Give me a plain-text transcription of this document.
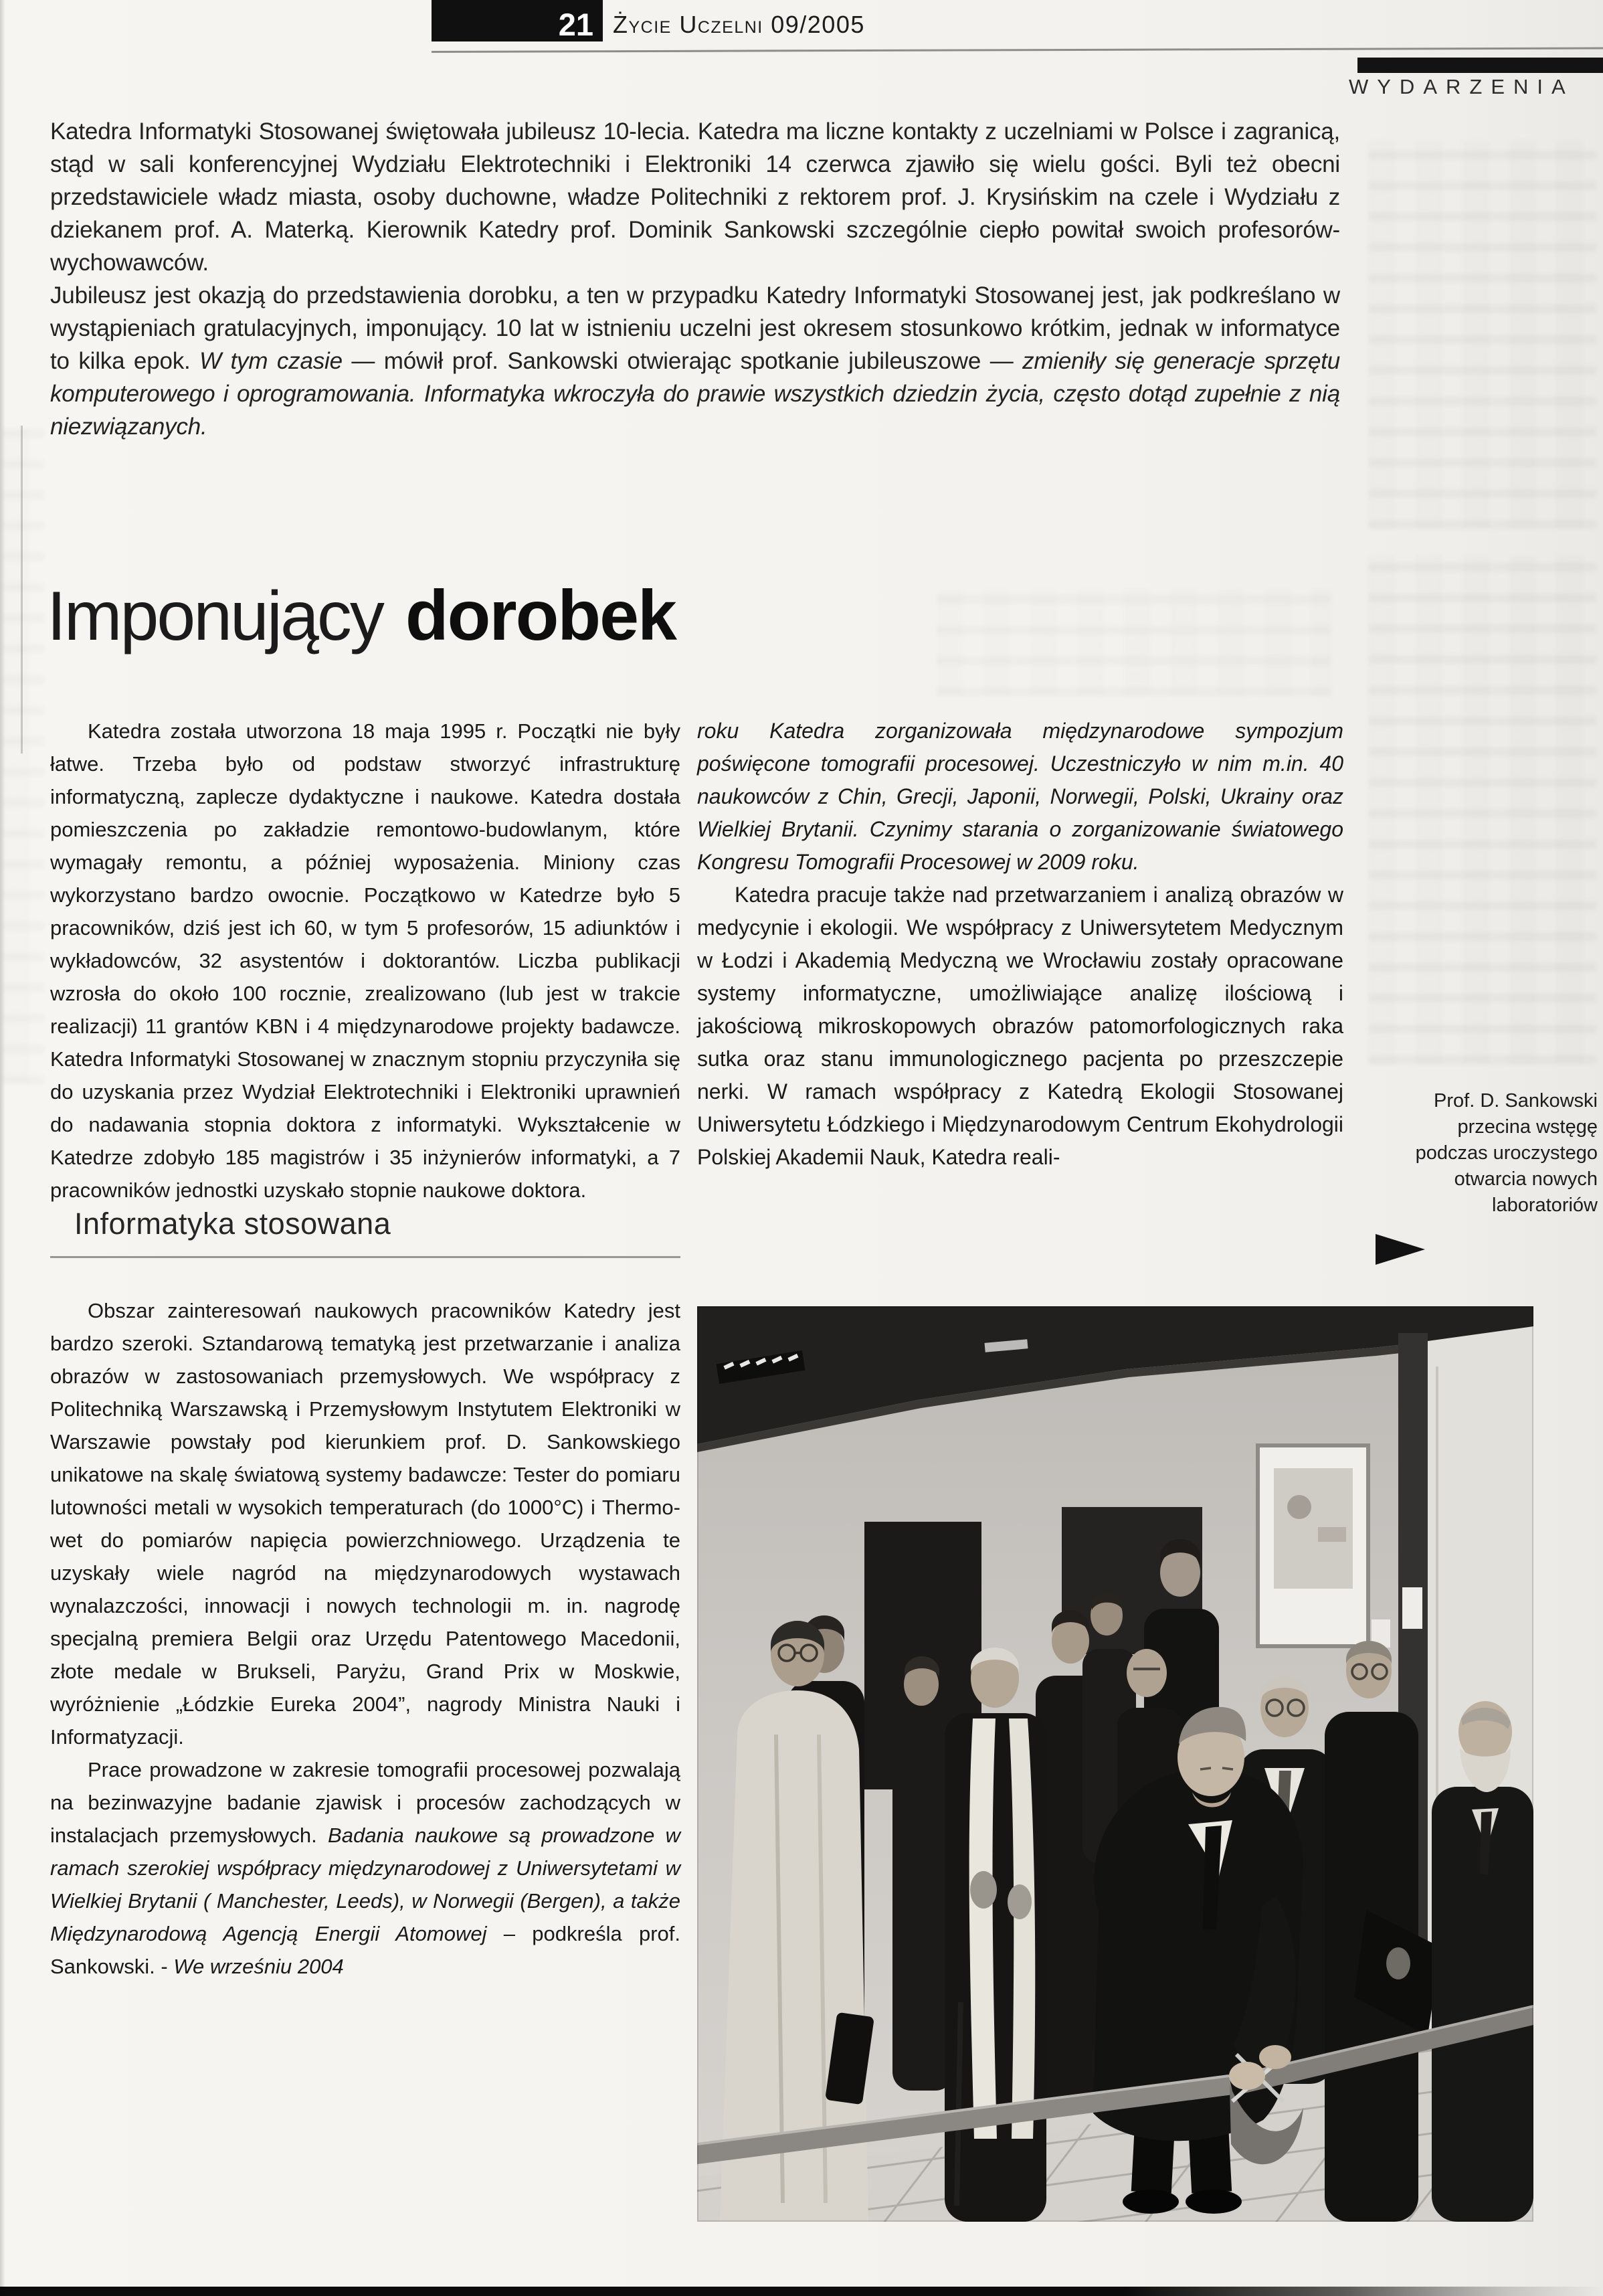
21 Życie Uczelni 09/2005
WYDARZENIA

Katedra Informatyki Stosowanej świętowała jubileusz 10-lecia. Katedra ma liczne kontakty z uczelniami w Polsce i zagranicą, stąd w sali konferencyjnej Wydziału Elektrotechniki i Elektroniki 14 czerwca zjawiło się wielu gości. Byli też obecni przedstawiciele władz miasta, osoby duchowne, władze Politechniki z rektorem prof. J. Krysińskim na czele i Wydziału z dziekanem prof. A. Materką. Kierownik Katedry prof. Dominik Sankowski szczególnie ciepło powitał swoich profesorów-wychowawców.

Jubileusz jest okazją do przedstawienia dorobku, a ten w przypadku Katedry Informatyki Stosowanej jest, jak podkreślano w wystąpieniach gratulacyjnych, imponujący. 10 lat w istnieniu uczelni jest okresem stosunkowo krótkim, jednak w informatyce to kilka epok. W tym czasie — mówił prof. Sankowski otwierając spotkanie jubileuszowe — zmieniły się generacje sprzętu komputerowego i oprogramowania. Informatyka wkroczyła do prawie wszystkich dziedzin życia, często dotąd zupełnie z nią niezwiązanych.

Imponujący dorobek

Katedra została utworzona 18 maja 1995 r. Początki nie były łatwe. Trzeba było od podstaw stworzyć infrastrukturę informatyczną, zaplecze dydaktyczne i naukowe. Katedra dostała pomieszczenia po zakładzie remontowo-budowlanym, które wymagały remontu, a później wyposażenia. Miniony czas wykorzystano bardzo owocnie. Początkowo w Katedrze było 5 pracowników, dziś jest ich 60, w tym 5 profesorów, 15 adiunktów i wykładowców, 32 asystentów i doktorantów. Liczba publikacji wzrosła do około 100 rocznie, zrealizowano (lub jest w trakcie realizacji) 11 grantów KBN i 4 międzynarodowe projekty badawcze. Katedra Informatyki Stosowanej w znacznym stopniu przyczyniła się do uzyskania przez Wydział Elektrotechniki i Elektroniki uprawnień do nadawania stopnia doktora z informatyki. Wykształcenie w Katedrze zdobyło 185 magistrów i 35 inżynierów informatyki, a 7 pracowników jednostki uzyskało stopnie naukowe doktora.

Informatyka stosowana

Obszar zainteresowań naukowych pracowników Katedry jest bardzo szeroki. Sztandarową tematyką jest przetwarzanie i analiza obrazów w zastosowaniach przemysłowych. We współpracy z Politechniką Warszawską i Przemysłowym Instytutem Elektroniki w Warszawie powstały pod kierunkiem prof. D. Sankowskiego unikatowe na skalę światową systemy badawcze: Tester do pomiaru lutowności metali w wysokich temperaturach (do 1000°C) i Thermo-wet do pomiarów napięcia powierzchniowego. Urządzenia te uzyskały wiele nagród na międzynarodowych wystawach wynalazczości, innowacji i nowych technologii m. in. nagrodę specjalną premiera Belgii oraz Urzędu Patentowego Macedonii, złote medale w Brukseli, Paryżu, Grand Prix w Moskwie, wyróżnienie „Łódzkie Eureka 2004”, nagrody Ministra Nauki i Informatyzacji.

Prace prowadzone w zakresie tomografii procesowej pozwalają na bezinwazyjne badanie zjawisk i procesów zachodzących w instalacjach przemysłowych. Badania naukowe są prowadzone w ramach szerokiej współpracy międzynarodowej z Uniwersytetami w Wielkiej Brytanii ( Manchester, Leeds), w Norwegii (Bergen), a także Międzynarodową Agencją Energii Atomowej – podkreśla prof. Sankowski. - We wrześniu 2004

roku Katedra zorganizowała międzynarodowe sympozjum poświęcone tomografii procesowej. Uczestniczyło w nim m.in. 40 naukowców z Chin, Grecji, Japonii, Norwegii, Polski, Ukrainy oraz Wielkiej Brytanii. Czynimy starania o zorganizowanie światowego Kongresu Tomografii Procesowej w 2009 roku.

Katedra pracuje także nad przetwarzaniem i analizą obrazów w medycynie i ekologii. We współpracy z Uniwersytetem Medycznym w Łodzi i Akademią Medyczną we Wrocławiu zostały opracowane systemy informatyczne, umożliwiające analizę ilościową i jakościową mikroskopowych obrazów patomorfologicznych raka sutka oraz stanu immunologicznego pacjenta po przeszczepie nerki. W ramach współpracy z Katedrą Ekologii Stosowanej Uniwersytetu Łódzkiego i Międzynarodowym Centrum Ekohydrologii Polskiej Akademii Nauk, Katedra reali-

Prof. D. Sankowski przecina wstęgę podczas uroczystego otwarcia nowych laboratoriów
